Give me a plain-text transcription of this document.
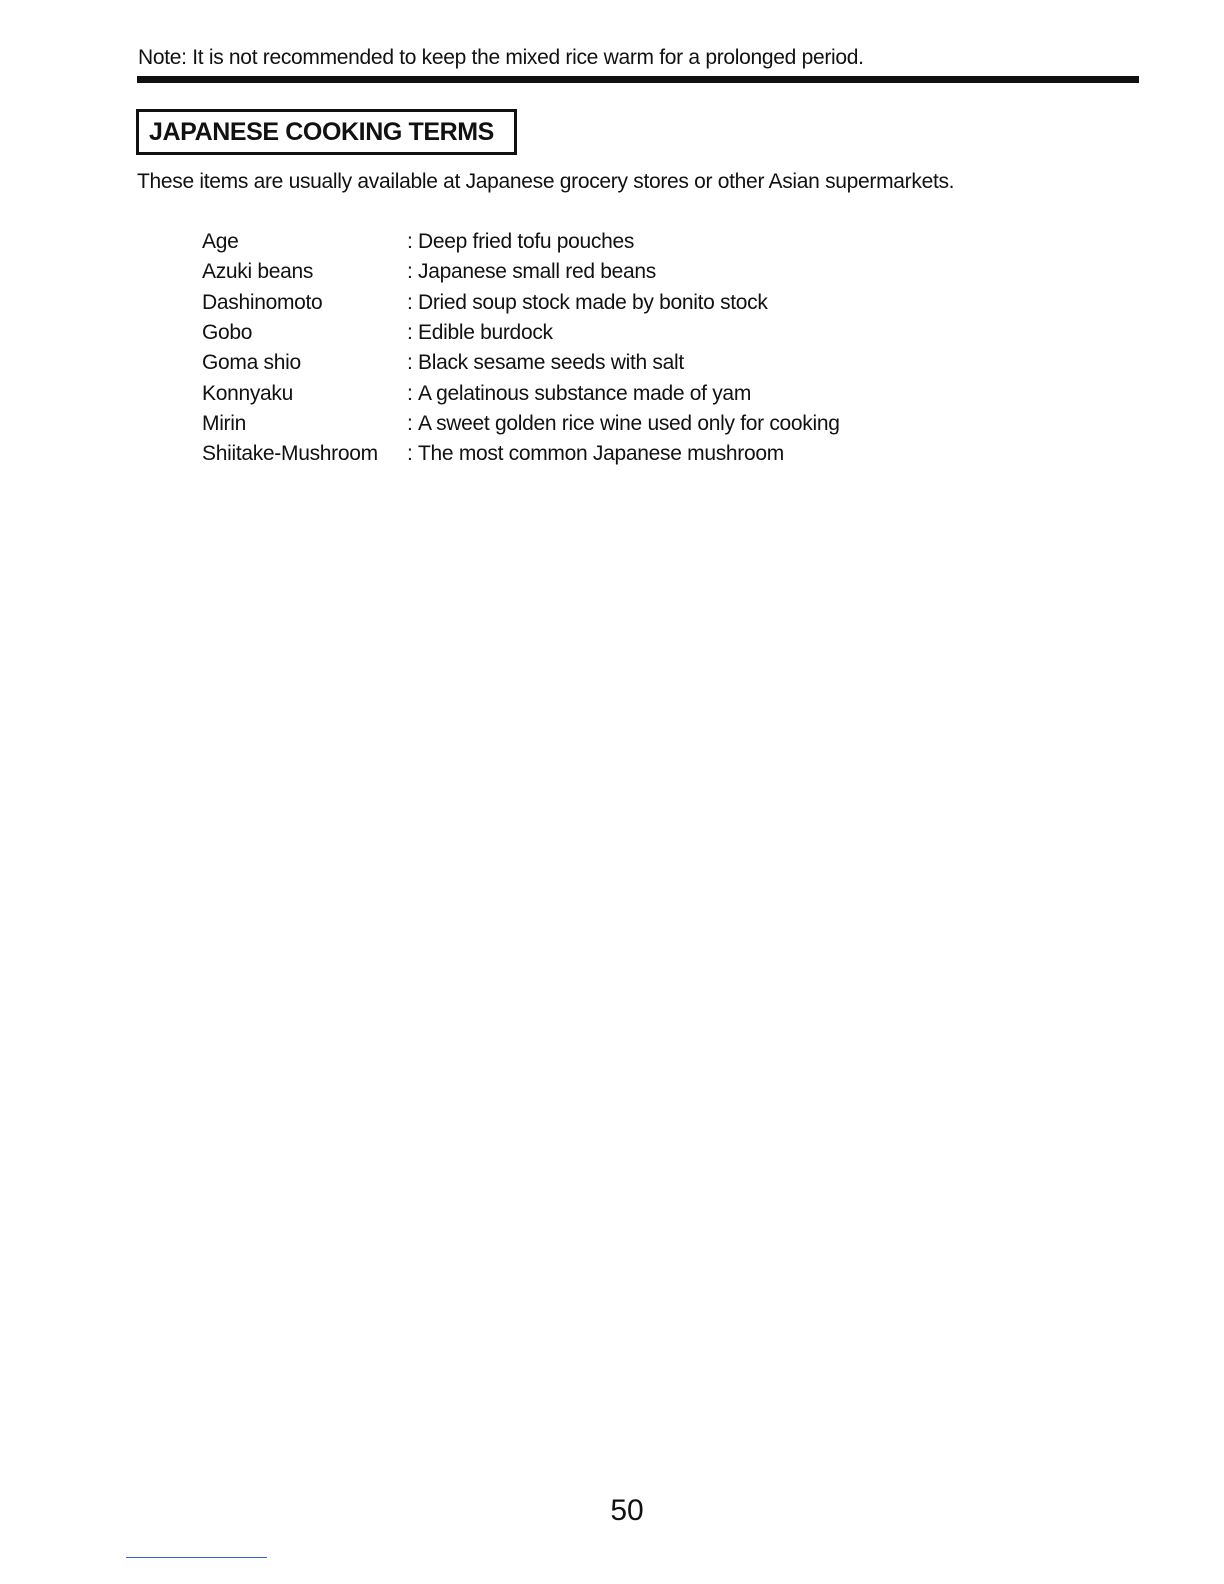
Note: It is not recommended to keep the mixed rice warm for a prolonged period.
JAPANESE COOKING TERMS
These items are usually available at Japanese grocery stores or other Asian supermarkets.
Age	: Deep fried tofu pouches
Azuki beans	: Japanese small red beans
Dashinomoto	: Dried soup stock made by bonito stock
Gobo	: Edible burdock
Goma shio	: Black sesame seeds with salt
Konnyaku	: A gelatinous substance made of yam
Mirin	: A sweet golden rice wine used only for cooking
Shiitake-Mushroom	: The most common Japanese mushroom
50
